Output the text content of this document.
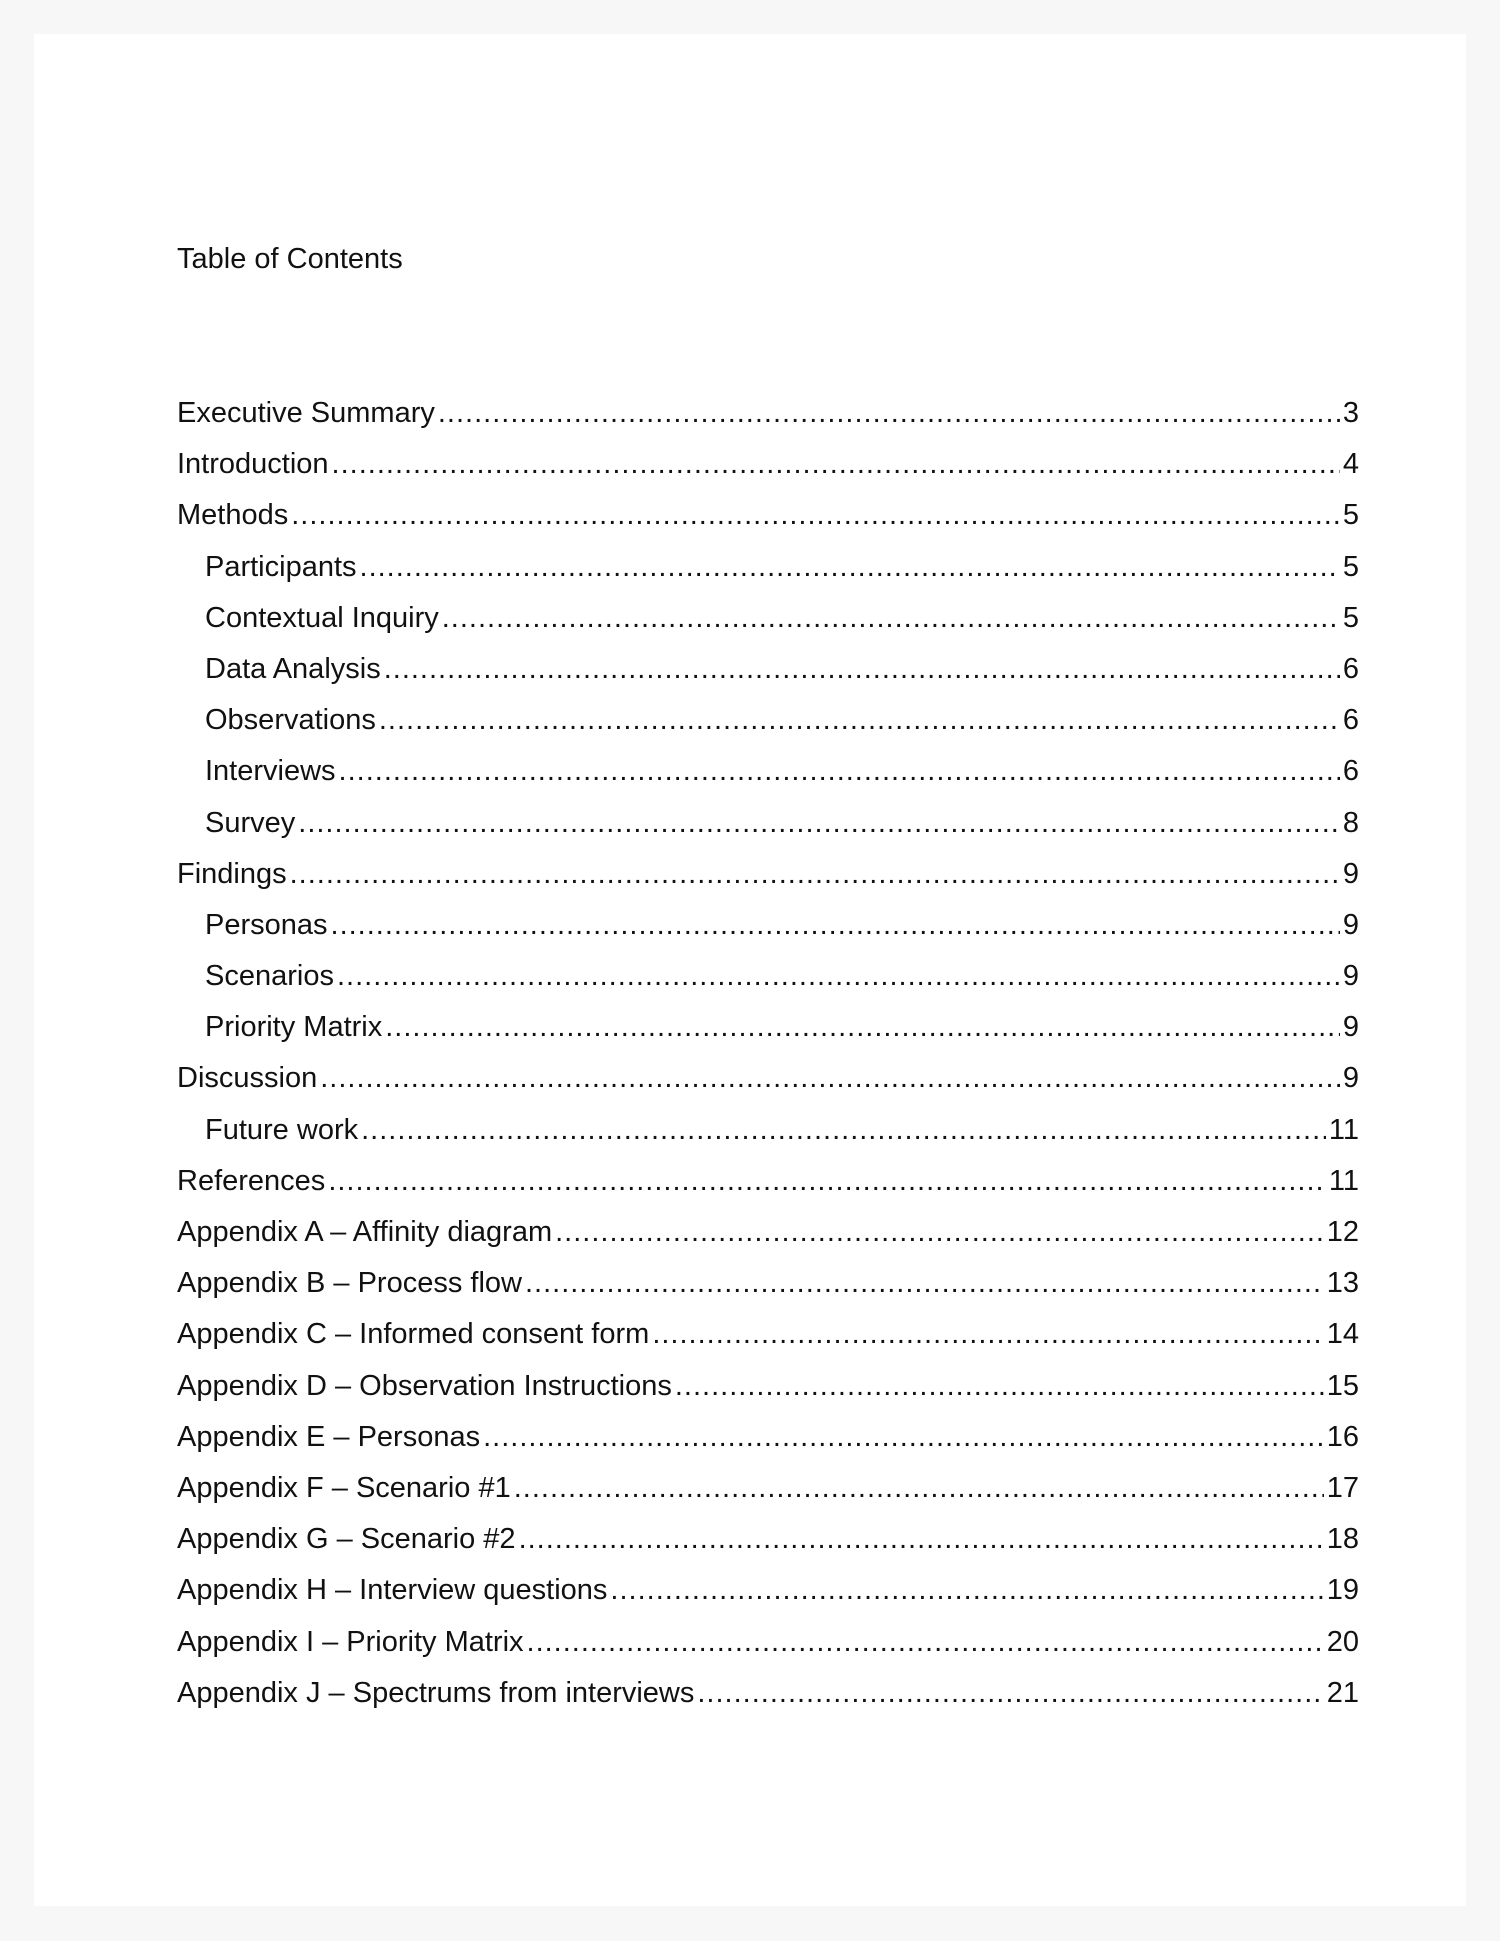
Table of Contents
Executive Summary .....	3
Introduction .....	4
Methods .....	5
Participants .....	5
Contextual Inquiry .....	5
Data Analysis .....	6
Observations .....	6
Interviews .....	6
Survey .....	8
Findings .....	9
Personas .....	9
Scenarios .....	9
Priority Matrix .....	9
Discussion .....	9
Future work .....	11
References .....	11
Appendix A – Affinity diagram .....	12
Appendix B – Process flow .....	13
Appendix C – Informed consent form .....	14
Appendix D – Observation Instructions .....	15
Appendix E – Personas .....	16
Appendix F – Scenario #1 .....	17
Appendix G – Scenario #2 .....	18
Appendix H – Interview questions .....	19
Appendix I – Priority Matrix .....	20
Appendix J – Spectrums from interviews .....	21
